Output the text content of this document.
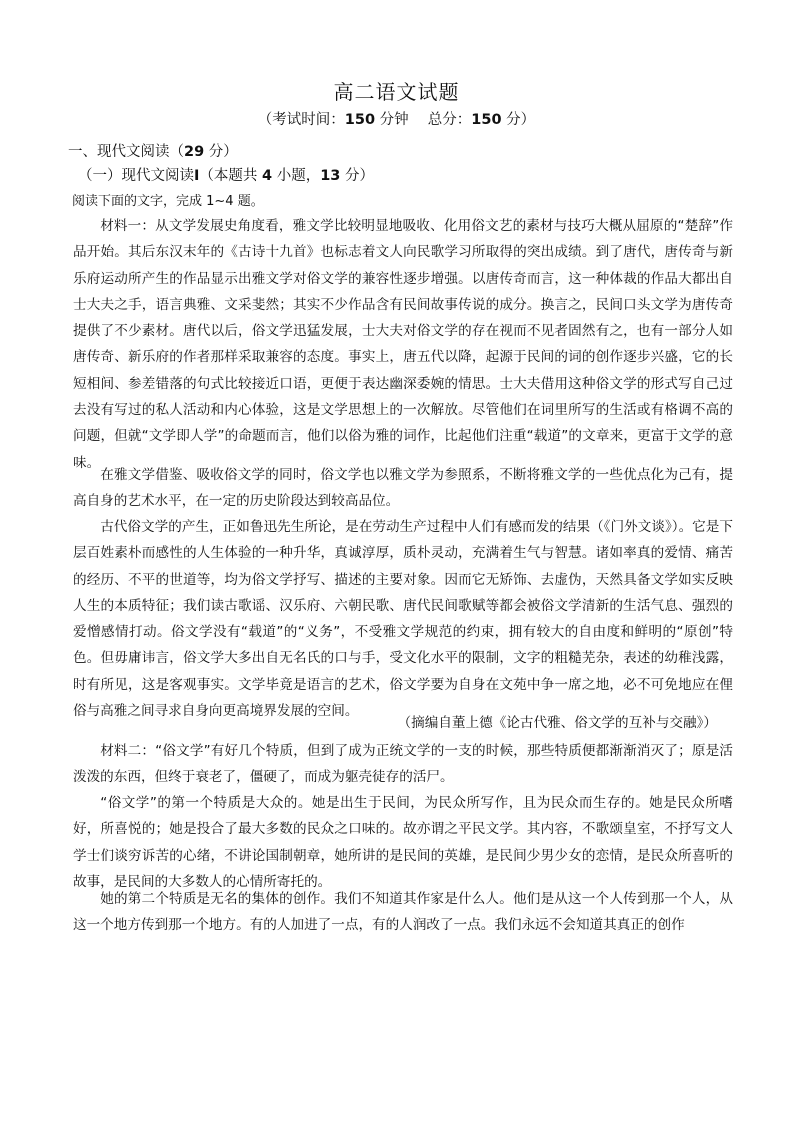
高二语文试题
（考试时间：150 分钟　 总分：150 分）
一、现代文阅读（29 分）
（一）现代文阅读Ⅰ（本题共 4 小题，13 分）
阅读下面的文字，完成 1~4 题。

材料一：从文学发展史角度看，雅文学比较明显地吸收、化用俗文艺的素材与技巧大概从屈原的“楚辞”作品开始。其后东汉末年的《古诗十九首》也标志着文人向民歌学习所取得的突出成绩。到了唐代，唐传奇与新乐府运动所产生的作品显示出雅文学对俗文学的兼容性逐步增强。以唐传奇而言，这一种体裁的作品大都出自士大夫之手，语言典雅、文采斐然；其实不少作品含有民间故事传说的成分。换言之，民间口头文学为唐传奇提供了不少素材。唐代以后，俗文学迅猛发展，士大夫对俗文学的存在视而不见者固然有之，也有一部分人如唐传奇、新乐府的作者那样采取兼容的态度。事实上，唐五代以降，起源于民间的词的创作逐步兴盛，它的长短相间、参差错落的句式比较接近口语，更便于表达幽深委婉的情思。士大夫借用这种俗文学的形式写自己过去没有写过的私人活动和内心体验，这是文学思想上的一次解放。尽管他们在词里所写的生活或有格调不高的问题，但就“文学即人学”的命题而言，他们以俗为雅的词作，比起他们注重“载道”的文章来，更富于文学的意味。

在雅文学借鉴、吸收俗文学的同时，俗文学也以雅文学为参照系，不断将雅文学的一些优点化为己有，提高自身的艺术水平，在一定的历史阶段达到较高品位。

古代俗文学的产生，正如鲁迅先生所论，是在劳动生产过程中人们有感而发的结果（《门外文谈》）。它是下层百姓素朴而感性的人生体验的一种升华，真诚淳厚，质朴灵动，充满着生气与智慧。诸如率真的爱情、痛苦的经历、不平的世道等，均为俗文学抒写、描述的主要对象。因而它无矫饰、去虚伪，天然具备文学如实反映人生的本质特征；我们读古歌谣、汉乐府、六朝民歌、唐代民间歌赋等都会被俗文学清新的生活气息、强烈的爱憎感情打动。俗文学没有“载道”的“义务”，不受雅文学规范的约束，拥有较大的自由度和鲜明的“原创”特色。但毋庸讳言，俗文学大多出自无名氏的口与手，受文化水平的限制，文字的粗糙芜杂，表述的幼稚浅露，时有所见，这是客观事实。文学毕竟是语言的艺术，俗文学要为自身在文苑中争一席之地，必不可免地应在俚俗与高雅之间寻求自身向更高境界发展的空间。

（摘编自董上德《论古代雅、俗文学的互补与交融》）

材料二：“俗文学”有好几个特质，但到了成为正统文学的一支的时候，那些特质便都渐渐消灭了；原是活泼泼的东西，但终于衰老了，僵硬了，而成为躯壳徒存的活尸。

“俗文学”的第一个特质是大众的。她是出生于民间，为民众所写作，且为民众而生存的。她是民众所嗜好，所喜悦的；她是投合了最大多数的民众之口味的。故亦谓之平民文学。其内容，不歌颂皇室，不抒写文人学士们谈穷诉苦的心绪，不讲论国制朝章，她所讲的是民间的英雄，是民间少男少女的恋情，是民众所喜听的故事，是民间的大多数人的心情所寄托的。

她的第二个特质是无名的集体的创作。我们不知道其作家是什么人。他们是从这一个人传到那一个人，从这一个地方传到那一个地方。有的人加进了一点，有的人润改了一点。我们永远不会知道其真正的创作
